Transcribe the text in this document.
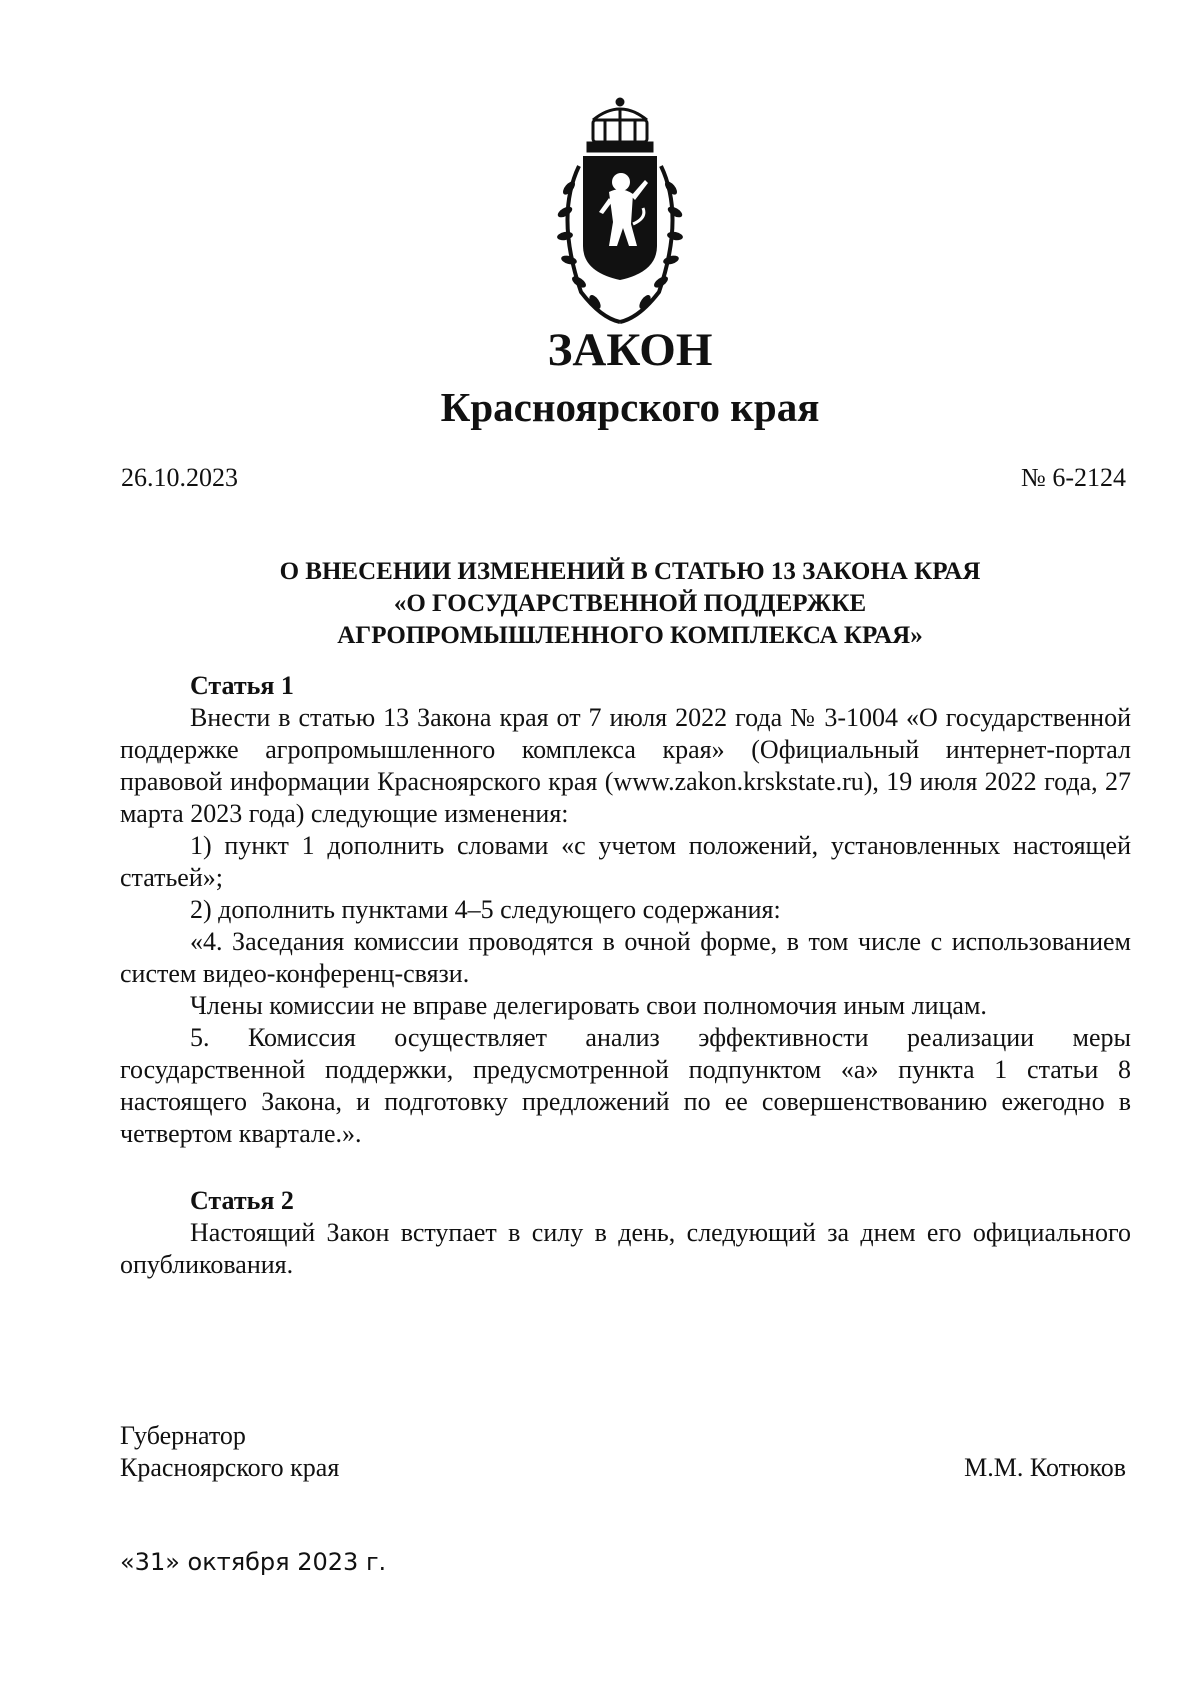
ЗАКОН
Красноярского края
26.10.2023	№ 6-2124
О ВНЕСЕНИИ ИЗМЕНЕНИЙ В СТАТЬЮ 13 ЗАКОНА КРАЯ
«О ГОСУДАРСТВЕННОЙ ПОДДЕРЖКЕ
АГРОПРОМЫШЛЕННОГО КОМПЛЕКСА КРАЯ»
Статья 1

Внести в статью 13 Закона края от 7 июля 2022 года № 3-1004 «О государственной поддержке агропромышленного комплекса края» (Официальный интернет-портал правовой информации Красноярского края (www.zakon.krskstate.ru), 19 июля 2022 года, 27 марта 2023 года) следующие изменения:

1) пункт 1 дополнить словами «с учетом положений, установленных настоящей статьей»;

2) дополнить пунктами 4–5 следующего содержания:

«4. Заседания комиссии проводятся в очной форме, в том числе с использованием систем видео-конференц-связи.

Члены комиссии не вправе делегировать свои полномочия иным лицам.

5. Комиссия осуществляет анализ эффективности реализации меры государственной поддержки, предусмотренной подпунктом «а» пункта 1 статьи 8 настоящего Закона, и подготовку предложений по ее совершенствованию ежегодно в четвертом квартале.».

Статья 2

Настоящий Закон вступает в силу в день, следующий за днем его официального опубликования.

Губернатор
Красноярского края	М.М. Котюков
«31» октября 2023 г.
